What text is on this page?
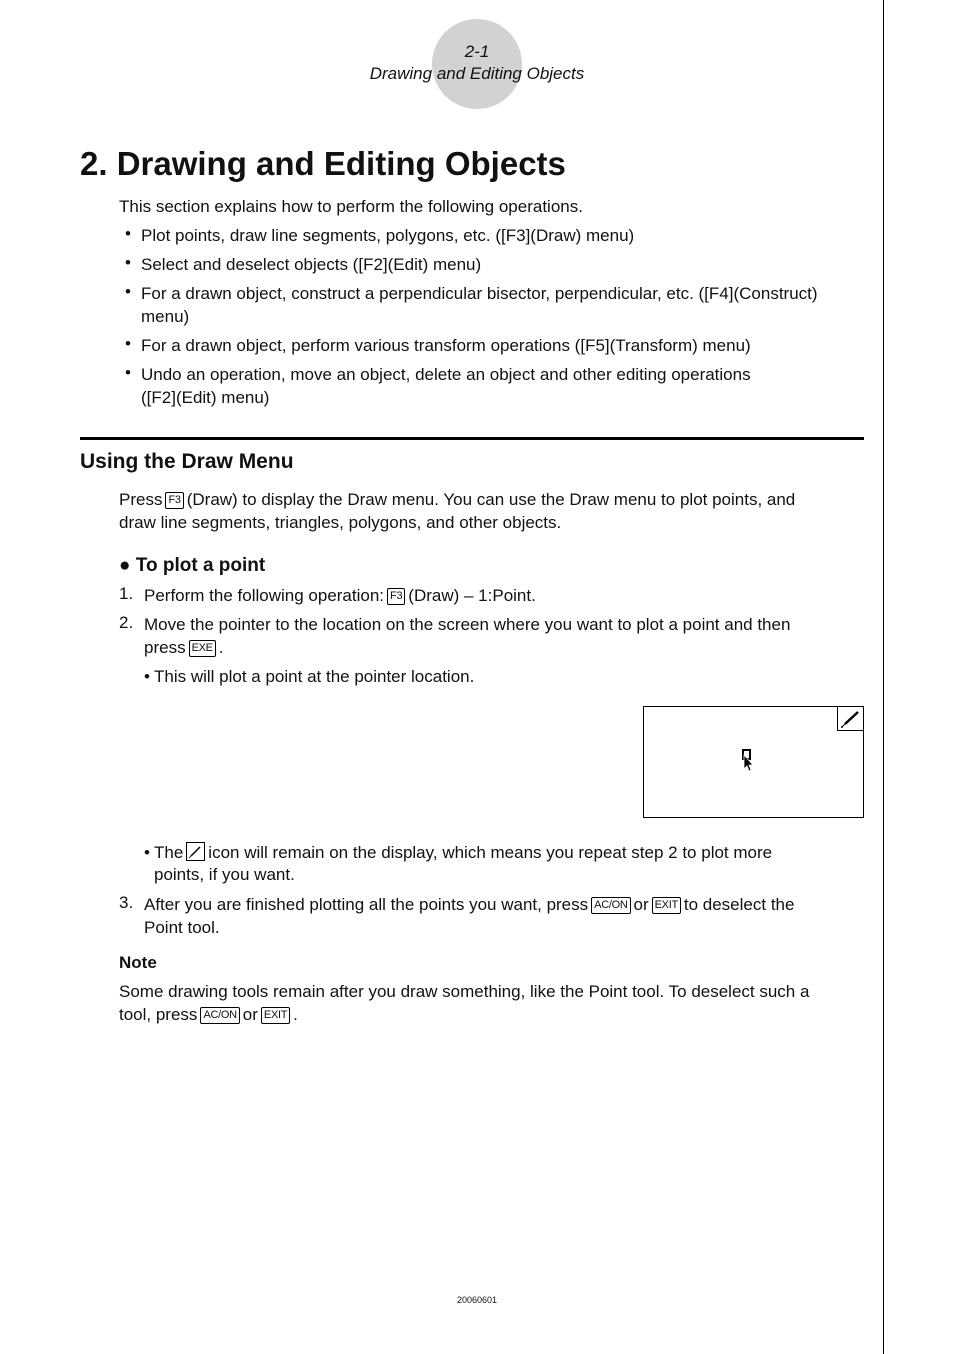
2-1
Drawing and Editing Objects
2. Drawing and Editing Objects

This section explains how to perform the following operations.

• Plot points, draw line segments, polygons, etc. ([F3](Draw) menu)

• Select and deselect objects ([F2](Edit) menu)

• For a drawn object, construct a perpendicular bisector, perpendicular, etc. ([F4](Construct)

menu)

• For a drawn object, perform various transform operations ([F5](Transform) menu)

• Undo an operation, move an object, delete an object and other editing operations

([F2](Edit) menu)

Using the Draw Menu

Press F3 (Draw) to display the Draw menu. You can use the Draw menu to plot points, and

draw line segments, triangles, polygons, and other objects.

● To plot a point
1. Perform the following operation: F3 (Draw) – 1:Point.

2. Move the pointer to the location on the screen where you want to plot a point and then

press EXE .

• This will plot a point at the pointer location.

• The icon will remain on the display, which means you repeat step 2 to plot more

points, if you want.

3. After you are finished plotting all the points you want, press AC/ON or EXIT to deselect the

Point tool.

Note

Some drawing tools remain after you draw something, like the Point tool. To deselect such a

tool, press AC/ON or EXIT .

20060601
